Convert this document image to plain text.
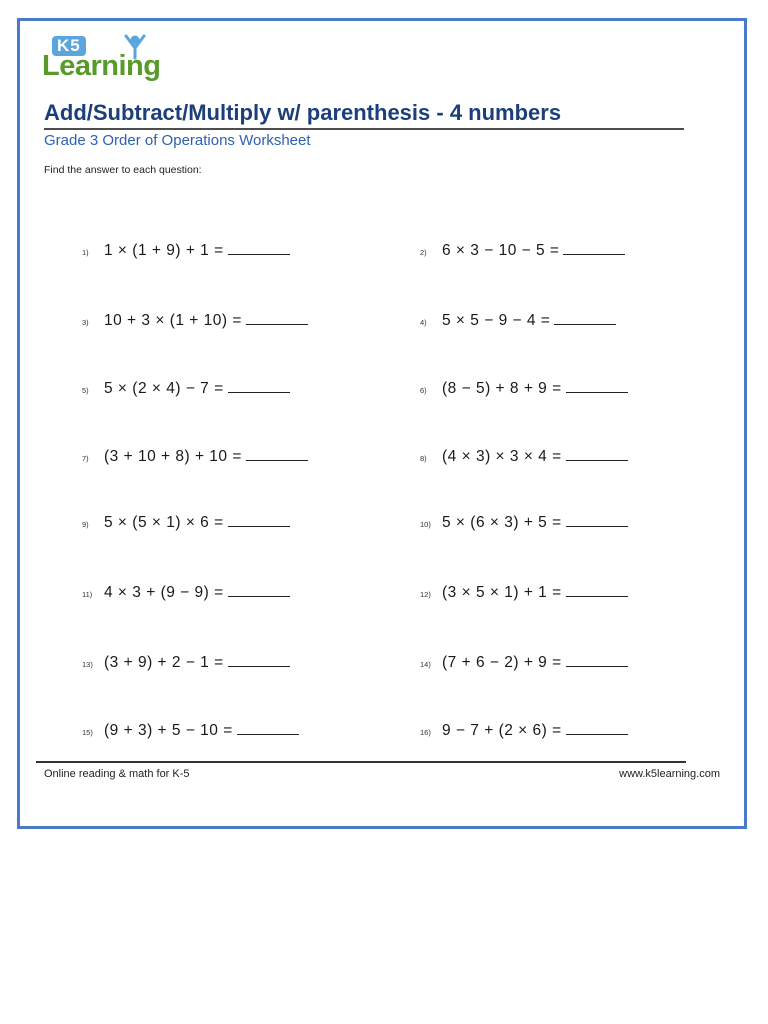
K5
Learning
Add/Subtract/Multiply w/ parenthesis - 4 numbers
Grade 3 Order of Operations Worksheet
Find the answer to each question:
1) 1 × (1 + 9) + 1 =	2) 6 × 3 − 10 − 5 =
3) 10 + 3 × (1 + 10) =	4) 5 × 5 − 9 − 4 =
5) 5 × (2 × 4) − 7 =	6) (8 − 5) + 8 + 9 =
7) (3 + 10 + 8) + 10 =	8) (4 × 3) × 3 × 4 =
9) 5 × (5 × 1) × 6 =	10) 5 × (6 × 3) + 5 =
11) 4 × 3 + (9 − 9) =	12) (3 × 5 × 1) + 1 =
13) (3 + 9) + 2 − 1 =	14) (7 + 6 − 2) + 9 =
15) (9 + 3) + 5 − 10 =	16) 9 − 7 + (2 × 6) =
Online reading & math for K-5	www.k5learning.com
